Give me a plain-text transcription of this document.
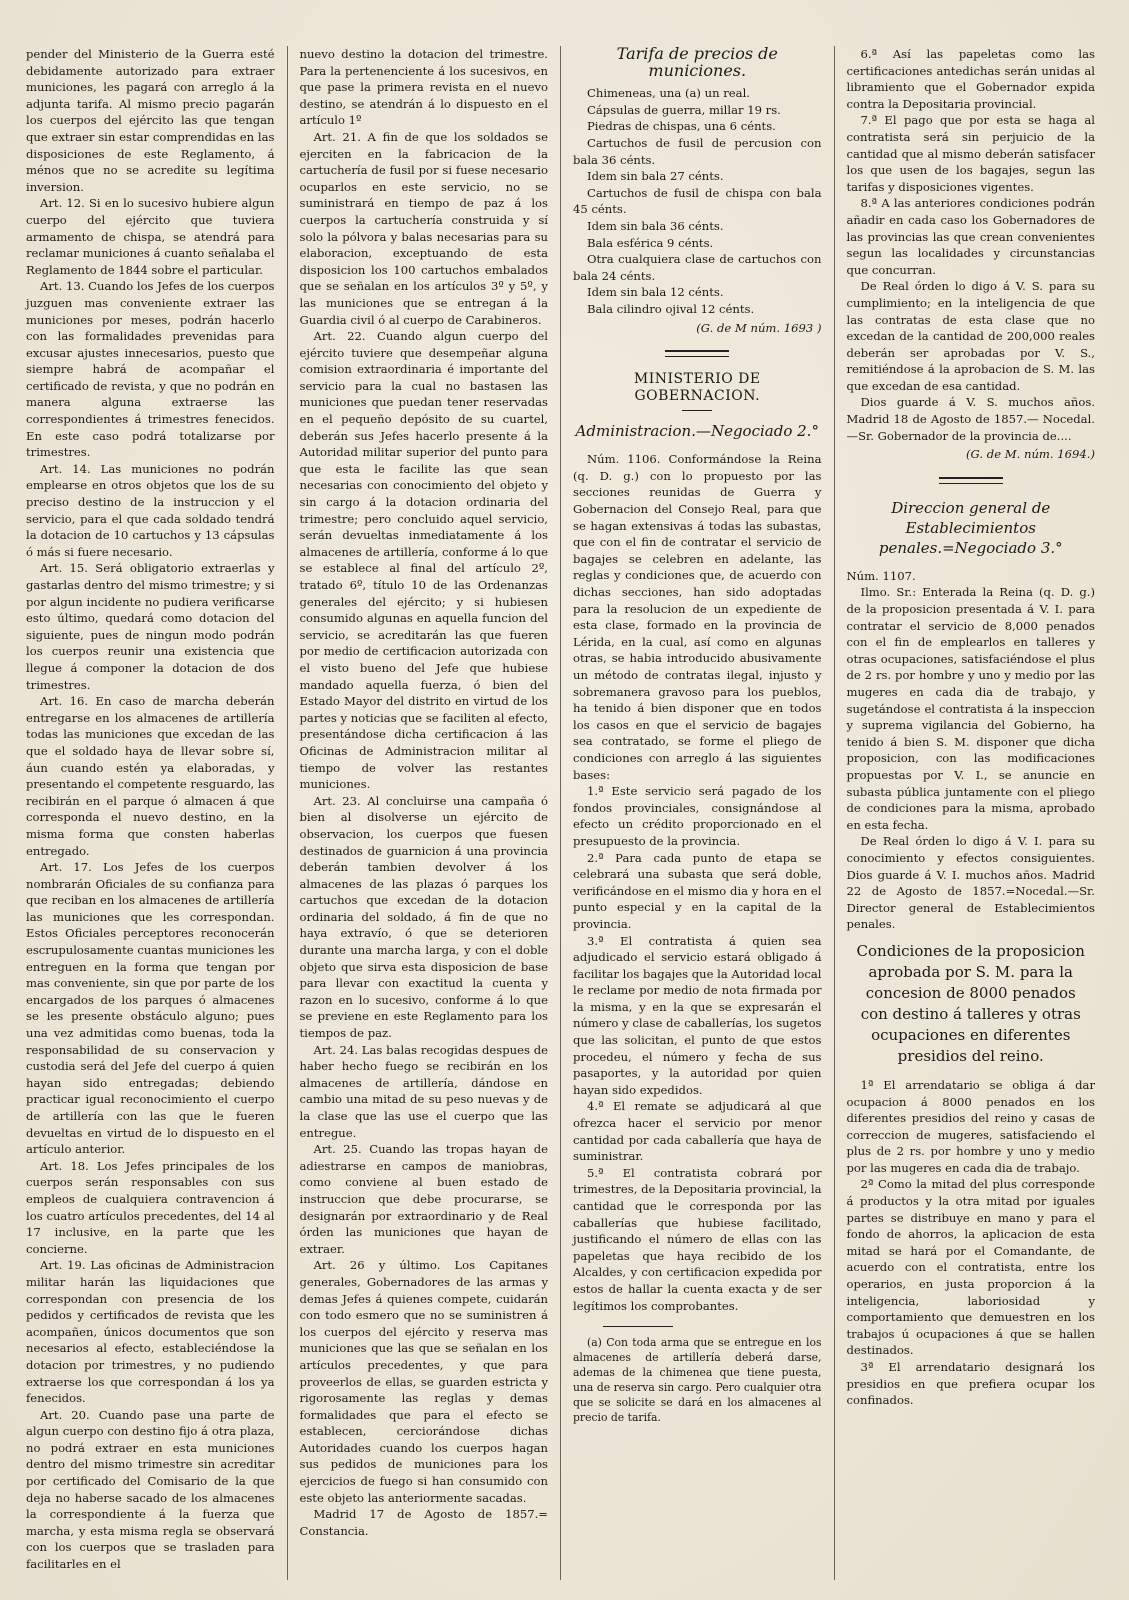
pender del Ministerio de la Guerra esté debidamente autorizado para extraer municiones, les pagará con arreglo á la adjunta tarifa. Al mismo precio pagarán los cuerpos del ejército las que tengan que extraer sin estar comprendidas en las disposiciones de este Reglamento, á ménos que no se acredite su legítima inversion.

Art. 12. Si en lo sucesivo hubiere algun cuerpo del ejército que tuviera armamento de chispa, se atendrá para reclamar municiones á cuanto señalaba el Reglamento de 1844 sobre el particular.

Art. 13. Cuando los Jefes de los cuerpos juzguen mas conveniente extraer las municiones por meses, podrán hacerlo con las formalidades prevenidas para excusar ajustes innecesarios, puesto que siempre habrá de acompañar el certificado de revista, y que no podrán en manera alguna extraerse las correspondientes á trimestres fenecidos. En este caso podrá totalizarse por trimestres.

Art. 14. Las municiones no podrán emplearse en otros objetos que los de su preciso destino de la instruccion y el servicio, para el que cada soldado tendrá la dotacion de 10 cartuchos y 13 cápsulas ó más si fuere necesario.

Art. 15. Será obligatorio extraerlas y gastarlas dentro del mismo trimestre; y si por algun incidente no pudiera verificarse esto último, quedará como dotacion del siguiente, pues de ningun modo podrán los cuerpos reunir una existencia que llegue á componer la dotacion de dos trimestres.

Art. 16. En caso de marcha deberán entregarse en los almacenes de artillería todas las municiones que excedan de las que el soldado haya de llevar sobre sí, áun cuando estén ya elaboradas, y presentando el competente resguardo, las recibirán en el parque ó almacen á que corresponda el nuevo destino, en la misma forma que consten haberlas entregado.

Art. 17. Los Jefes de los cuerpos nombrarán Oficiales de su confianza para que reciban en los almacenes de artillería las municiones que les correspondan. Estos Oficiales perceptores reconocerán escrupulosamente cuantas municiones les entreguen en la forma que tengan por mas conveniente, sin que por parte de los encargados de los parques ó almacenes se les presente obstáculo alguno; pues una vez admitidas como buenas, toda la responsabilidad de su conservacion y custodia será del Jefe del cuerpo á quien hayan sido entregadas; debiendo practicar igual reconocimiento el cuerpo de artillería con las que le fueren devueltas en virtud de lo dispuesto en el artículo anterior.

Art. 18. Los Jefes principales de los cuerpos serán responsables con sus empleos de cualquiera contravencion á los cuatro artículos precedentes, del 14 al 17 inclusive, en la parte que les concierne.

Art. 19. Las oficinas de Administracion militar harán las liquidaciones que correspondan con presencia de los pedidos y certificados de revista que les acompañen, únicos documentos que son necesarios al efecto, estableciéndose la dotacion por trimestres, y no pudiendo extraerse los que correspondan á los ya fenecidos.

Art. 20. Cuando pase una parte de algun cuerpo con destino fijo á otra plaza, no podrá extraer en esta municiones dentro del mismo trimestre sin acreditar por certificado del Comisario de la que deja no haberse sacado de los almacenes la correspondiente á la fuerza que marcha, y esta misma regla se observará con los cuerpos que se trasladen para facilitarles en el

nuevo destino la dotacion del trimestre. Para la pertenenciente á los sucesivos, en que pase la primera revista en el nuevo destino, se atendrán á lo dispuesto en el artículo 1º

Art. 21. A fin de que los soldados se ejerciten en la fabricacion de la cartuchería de fusil por si fuese necesario ocuparlos en este servicio, no se suministrará en tiempo de paz á los cuerpos la cartuchería construida y sí solo la pólvora y balas necesarias para su elaboracion, exceptuando de esta disposicion los 100 cartuchos embalados que se señalan en los artículos 3º y 5º, y las municiones que se entregan á la Guardia civil ó al cuerpo de Carabineros.

Art. 22. Cuando algun cuerpo del ejército tuviere que desempeñar alguna comision extraordinaria é importante del servicio para la cual no bastasen las municiones que puedan tener reservadas en el pequeño depósito de su cuartel, deberán sus Jefes hacerlo presente á la Autoridad militar superior del punto para que esta le facilite las que sean necesarias con conocimiento del objeto y sin cargo á la dotacion ordinaria del trimestre; pero concluido aquel servicio, serán devueltas inmediatamente á los almacenes de artillería, conforme á lo que se establece al final del artículo 2º, tratado 6º, título 10 de las Ordenanzas generales del ejército; y si hubiesen consumido algunas en aquella funcion del servicio, se acreditarán las que fueren por medio de certificacion autorizada con el visto bueno del Jefe que hubiese mandado aquella fuerza, ó bien del Estado Mayor del distrito en virtud de los partes y noticias que se faciliten al efecto, presentándose dicha certificacion á las Oficinas de Administracion militar al tiempo de volver las restantes municiones.

Art. 23. Al concluirse una campaña ó bien al disolverse un ejército de observacion, los cuerpos que fuesen destinados de guarnicion á una provincia deberán tambien devolver á los almacenes de las plazas ó parques los cartuchos que excedan de la dotacion ordinaria del soldado, á fin de que no haya extravío, ó que se deterioren durante una marcha larga, y con el doble objeto que sirva esta disposicion de base para llevar con exactitud la cuenta y razon en lo sucesivo, conforme á lo que se previene en este Reglamento para los tiempos de paz.

Art. 24. Las balas recogidas despues de haber hecho fuego se recibirán en los almacenes de artillería, dándose en cambio una mitad de su peso nuevas y de la clase que las use el cuerpo que las entregue.

Art. 25. Cuando las tropas hayan de adiestrarse en campos de maniobras, como conviene al buen estado de instruccion que debe procurarse, se designarán por extraordinario y de Real órden las municiones que hayan de extraer.

Art. 26 y último. Los Capitanes generales, Gobernadores de las armas y demas Jefes á quienes compete, cuidarán con todo esmero que no se suministren á los cuerpos del ejército y reserva mas municiones que las que se señalan en los artículos precedentes, y que para proveerlos de ellas, se guarden estricta y rigorosamente las reglas y demas formalidades que para el efecto se establecen, cerciorándose dichas Autoridades cuando los cuerpos hagan sus pedidos de municiones para los ejercicios de fuego si han consumido con este objeto las anteriormente sacadas.

Madrid 17 de Agosto de 1857.= Constancia.

Tarifa de precios de municiones.

Chimeneas, una (a) un real.

Cápsulas de guerra, millar 19 rs.

Piedras de chispas, una 6 cénts.

Cartuchos de fusil de percusion con bala 36 cénts.

Idem sin bala 27 cénts.

Cartuchos de fusil de chispa con bala 45 cénts.

Idem sin bala 36 cénts.

Bala esférica 9 cénts.

Otra cualquiera clase de cartuchos con bala 24 cénts.

Idem sin bala 12 cénts.

Bala cilindro ojival 12 cénts.

(G. de M núm. 1693 )
MINISTERIO DE GOBERNACION.
Administracion.—Negociado 2.°

Núm. 1106. Conformándose la Reina (q. D. g.) con lo propuesto por las secciones reunidas de Guerra y Gobernacion del Consejo Real, para que se hagan extensivas á todas las subastas, que con el fin de contratar el servicio de bagajes se celebren en adelante, las reglas y condiciones que, de acuerdo con dichas secciones, han sido adoptadas para la resolucion de un expediente de esta clase, formado en la provincia de Lérida, en la cual, así como en algunas otras, se habia introducido abusivamente un método de contratas ilegal, injusto y sobremanera gravoso para los pueblos, ha tenido á bien disponer que en todos los casos en que el servicio de bagajes sea contratado, se forme el pliego de condiciones con arreglo á las siguientes bases:

1.ª Este servicio será pagado de los fondos provinciales, consignándose al efecto un crédito proporcionado en el presupuesto de la provincia.

2.ª Para cada punto de etapa se celebrará una subasta que será doble, verificándose en el mismo dia y hora en el punto especial y en la capital de la provincia.

3.ª El contratista á quien sea adjudicado el servicio estará obligado á facilitar los bagajes que la Autoridad local le reclame por medio de nota firmada por la misma, y en la que se expresarán el número y clase de caballerías, los sugetos que las solicitan, el punto de que estos procedeu, el número y fecha de sus pasaportes, y la autoridad por quien hayan sido expedidos.

4.ª El remate se adjudicará al que ofrezca hacer el servicio por menor cantidad por cada caballería que haya de suministrar.

5.ª El contratista cobrará por trimestres, de la Depositaria provincial, la cantidad que le corresponda por las caballerías que hubiese facilitado, justificando el número de ellas con las papeletas que haya recibido de los Alcaldes, y con certificacion expedida por estos de hallar la cuenta exacta y de ser legítimos los comprobantes.

(a) Con toda arma que se entregue en los almacenes de artillería deberá darse, ademas de la chimenea que tiene puesta, una de reserva sin cargo. Pero cualquier otra que se solicite se dará en los almacenes al precio de tarifa.

6.ª Así las papeletas como las certificaciones antedichas serán unidas al libramiento que el Gobernador expida contra la Depositaria provincial.

7.ª El pago que por esta se haga al contratista será sin perjuicio de la cantidad que al mismo deberán satisfacer los que usen de los bagajes, segun las tarifas y disposiciones vigentes.

8.ª A las anteriores condiciones podrán añadir en cada caso los Gobernadores de las provincias las que crean convenientes segun las localidades y circunstancias que concurran.

De Real órden lo digo á V. S. para su cumplimiento; en la inteligencia de que las contratas de esta clase que no excedan de la cantidad de 200,000 reales deberán ser aprobadas por V. S., remitiéndose á la aprobacion de S. M. las que excedan de esa cantidad.

Dios guarde á V. S. muchos años. Madrid 18 de Agosto de 1857.— Nocedal.—Sr. Gobernador de la provincia de....

(G. de M. núm. 1694.)
Direccion general de Establecimientos penales.=Negociado 3.°

Núm. 1107.

Ilmo. Sr.: Enterada la Reina (q. D. g.) de la proposicion presentada á V. I. para contratar el servicio de 8,000 penados con el fin de emplearlos en talleres y otras ocupaciones, satisfaciéndose el plus de 2 rs. por hombre y uno y medio por las mugeres en cada dia de trabajo, y sugetándose el contratista á la inspeccion y suprema vigilancia del Gobierno, ha tenido á bien S. M. disponer que dicha proposicion, con las modificaciones propuestas por V. I., se anuncie en subasta pública juntamente con el pliego de condiciones para la misma, aprobado en esta fecha.

De Real órden lo digo á V. I. para su conocimiento y efectos consiguientes. Dios guarde á V. I. muchos años. Madrid 22 de Agosto de 1857.=Nocedal.—Sr. Director general de Establecimientos penales.

Condiciones de la proposicion aprobada por S. M. para la concesion de 8000 penados con destino á talleres y otras ocupaciones en diferentes presidios del reino.

1ª El arrendatario se obliga á dar ocupacion á 8000 penados en los diferentes presidios del reino y casas de correccion de mugeres, satisfaciendo el plus de 2 rs. por hombre y uno y medio por las mugeres en cada dia de trabajo.

2ª Como la mitad del plus corresponde á productos y la otra mitad por iguales partes se distribuye en mano y para el fondo de ahorros, la aplicacion de esta mitad se hará por el Comandante, de acuerdo con el contratista, entre los operarios, en justa proporcion á la inteligencia, laboriosidad y comportamiento que demuestren en los trabajos ú ocupaciones á que se hallen destinados.

3ª El arrendatario designará los presidios en que prefiera ocupar los confinados.
